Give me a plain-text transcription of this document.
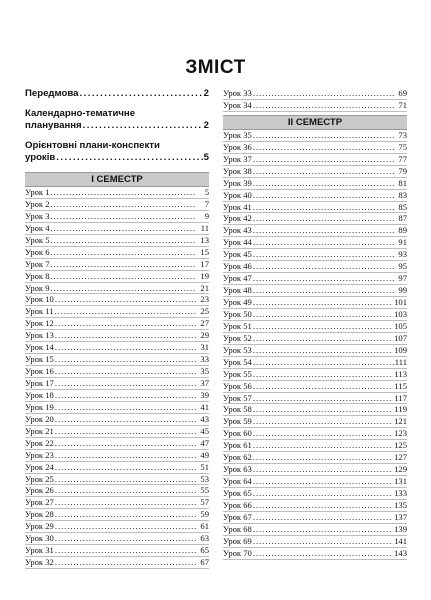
ЗМІСТ
Передмова . . .	2
Календарно-тематичне
планування . . .	2
Орієнтовні плани-конспекти
уроків . . .	5
І СЕМЕСТР
Урок 1 . . .	5
Урок 2 . . .	7
Урок 3 . . .	9
Урок 4 . . .	11
Урок 5 . . .	13
Урок 6 . . .	15
Урок 7 . . .	17
Урок 8 . . .	19
Урок 9 . . .	21
Урок 10 . . .	23
Урок 11 . . .	25
Урок 12 . . .	27
Урок 13 . . .	29
Урок 14 . . .	31
Урок 15 . . .	33
Урок 16 . . .	35
Урок 17 . . .	37
Урок 18 . . .	39
Урок 19 . . .	41
Урок 20 . . .	43
Урок 21 . . .	45
Урок 22 . . .	47
Урок 23 . . .	49
Урок 24 . . .	51
Урок 25 . . .	53
Урок 26 . . .	55
Урок 27 . . .	57
Урок 28 . . .	59
Урок 29 . . .	61
Урок 30 . . .	63
Урок 31 . . .	65
Урок 32 . . .	67
Урок 33 . . .	69
Урок 34 . . .	71
ІІ СЕМЕСТР
Урок 35 . . .	73
Урок 36 . . .	75
Урок 37 . . .	77
Урок 38 . . .	79
Урок 39 . . .	81
Урок 40 . . .	83
Урок 41 . . .	85
Урок 42 . . .	87
Урок 43 . . .	89
Урок 44 . . .	91
Урок 45 . . .	93
Урок 46 . . .	95
Урок 47 . . .	97
Урок 48 . . .	99
Урок 49 . . .	101
Урок 50 . . .	103
Урок 51 . . .	105
Урок 52 . . .	107
Урок 53 . . .	109
Урок 54 . . .	111
Урок 55 . . .	113
Урок 56 . . .	115
Урок 57 . . .	117
Урок 58 . . .	119
Урок 59 . . .	121
Урок 60 . . .	123
Урок 61 . . .	125
Урок 62 . . .	127
Урок 63 . . .	129
Урок 64 . . .	131
Урок 65 . . .	133
Урок 66 . . .	135
Урок 67 . . .	137
Урок 68 . . .	139
Урок 69 . . .	141
Урок 70 . . .	143
